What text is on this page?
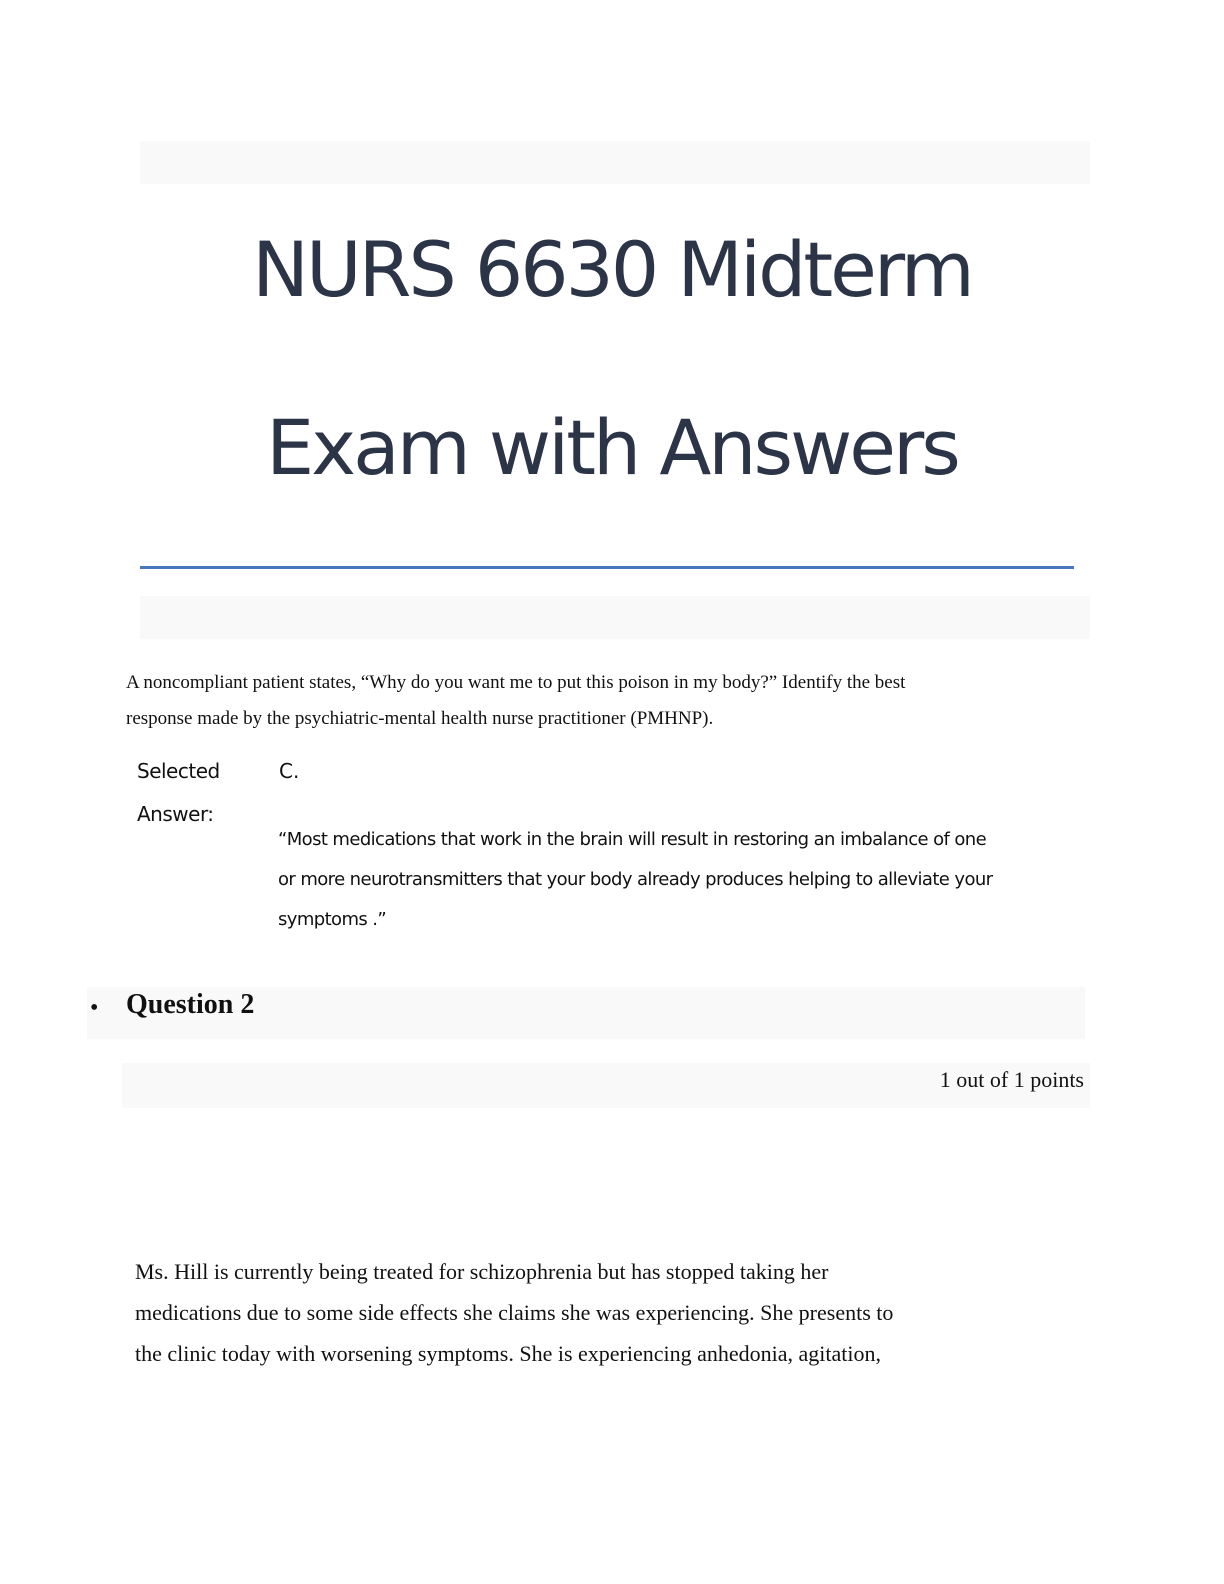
NURS 6630 Midterm
Exam with Answers
A noncompliant patient states, “Why do you want me to put this poison in my body?” Identify the best
response made by the psychiatric-mental health nurse practitioner (PMHNP).
Selected
Answer:
C.
“Most medications that work in the brain will result in restoring an imbalance of one
or more neurotransmitters that your body already produces helping to alleviate your
symptoms .”
• Question 2
1 out of 1 points
Ms. Hill is currently being treated for schizophrenia but has stopped taking her
medications due to some side effects she claims she was experiencing. She presents to
the clinic today with worsening symptoms. She is experiencing anhedonia, agitation,
